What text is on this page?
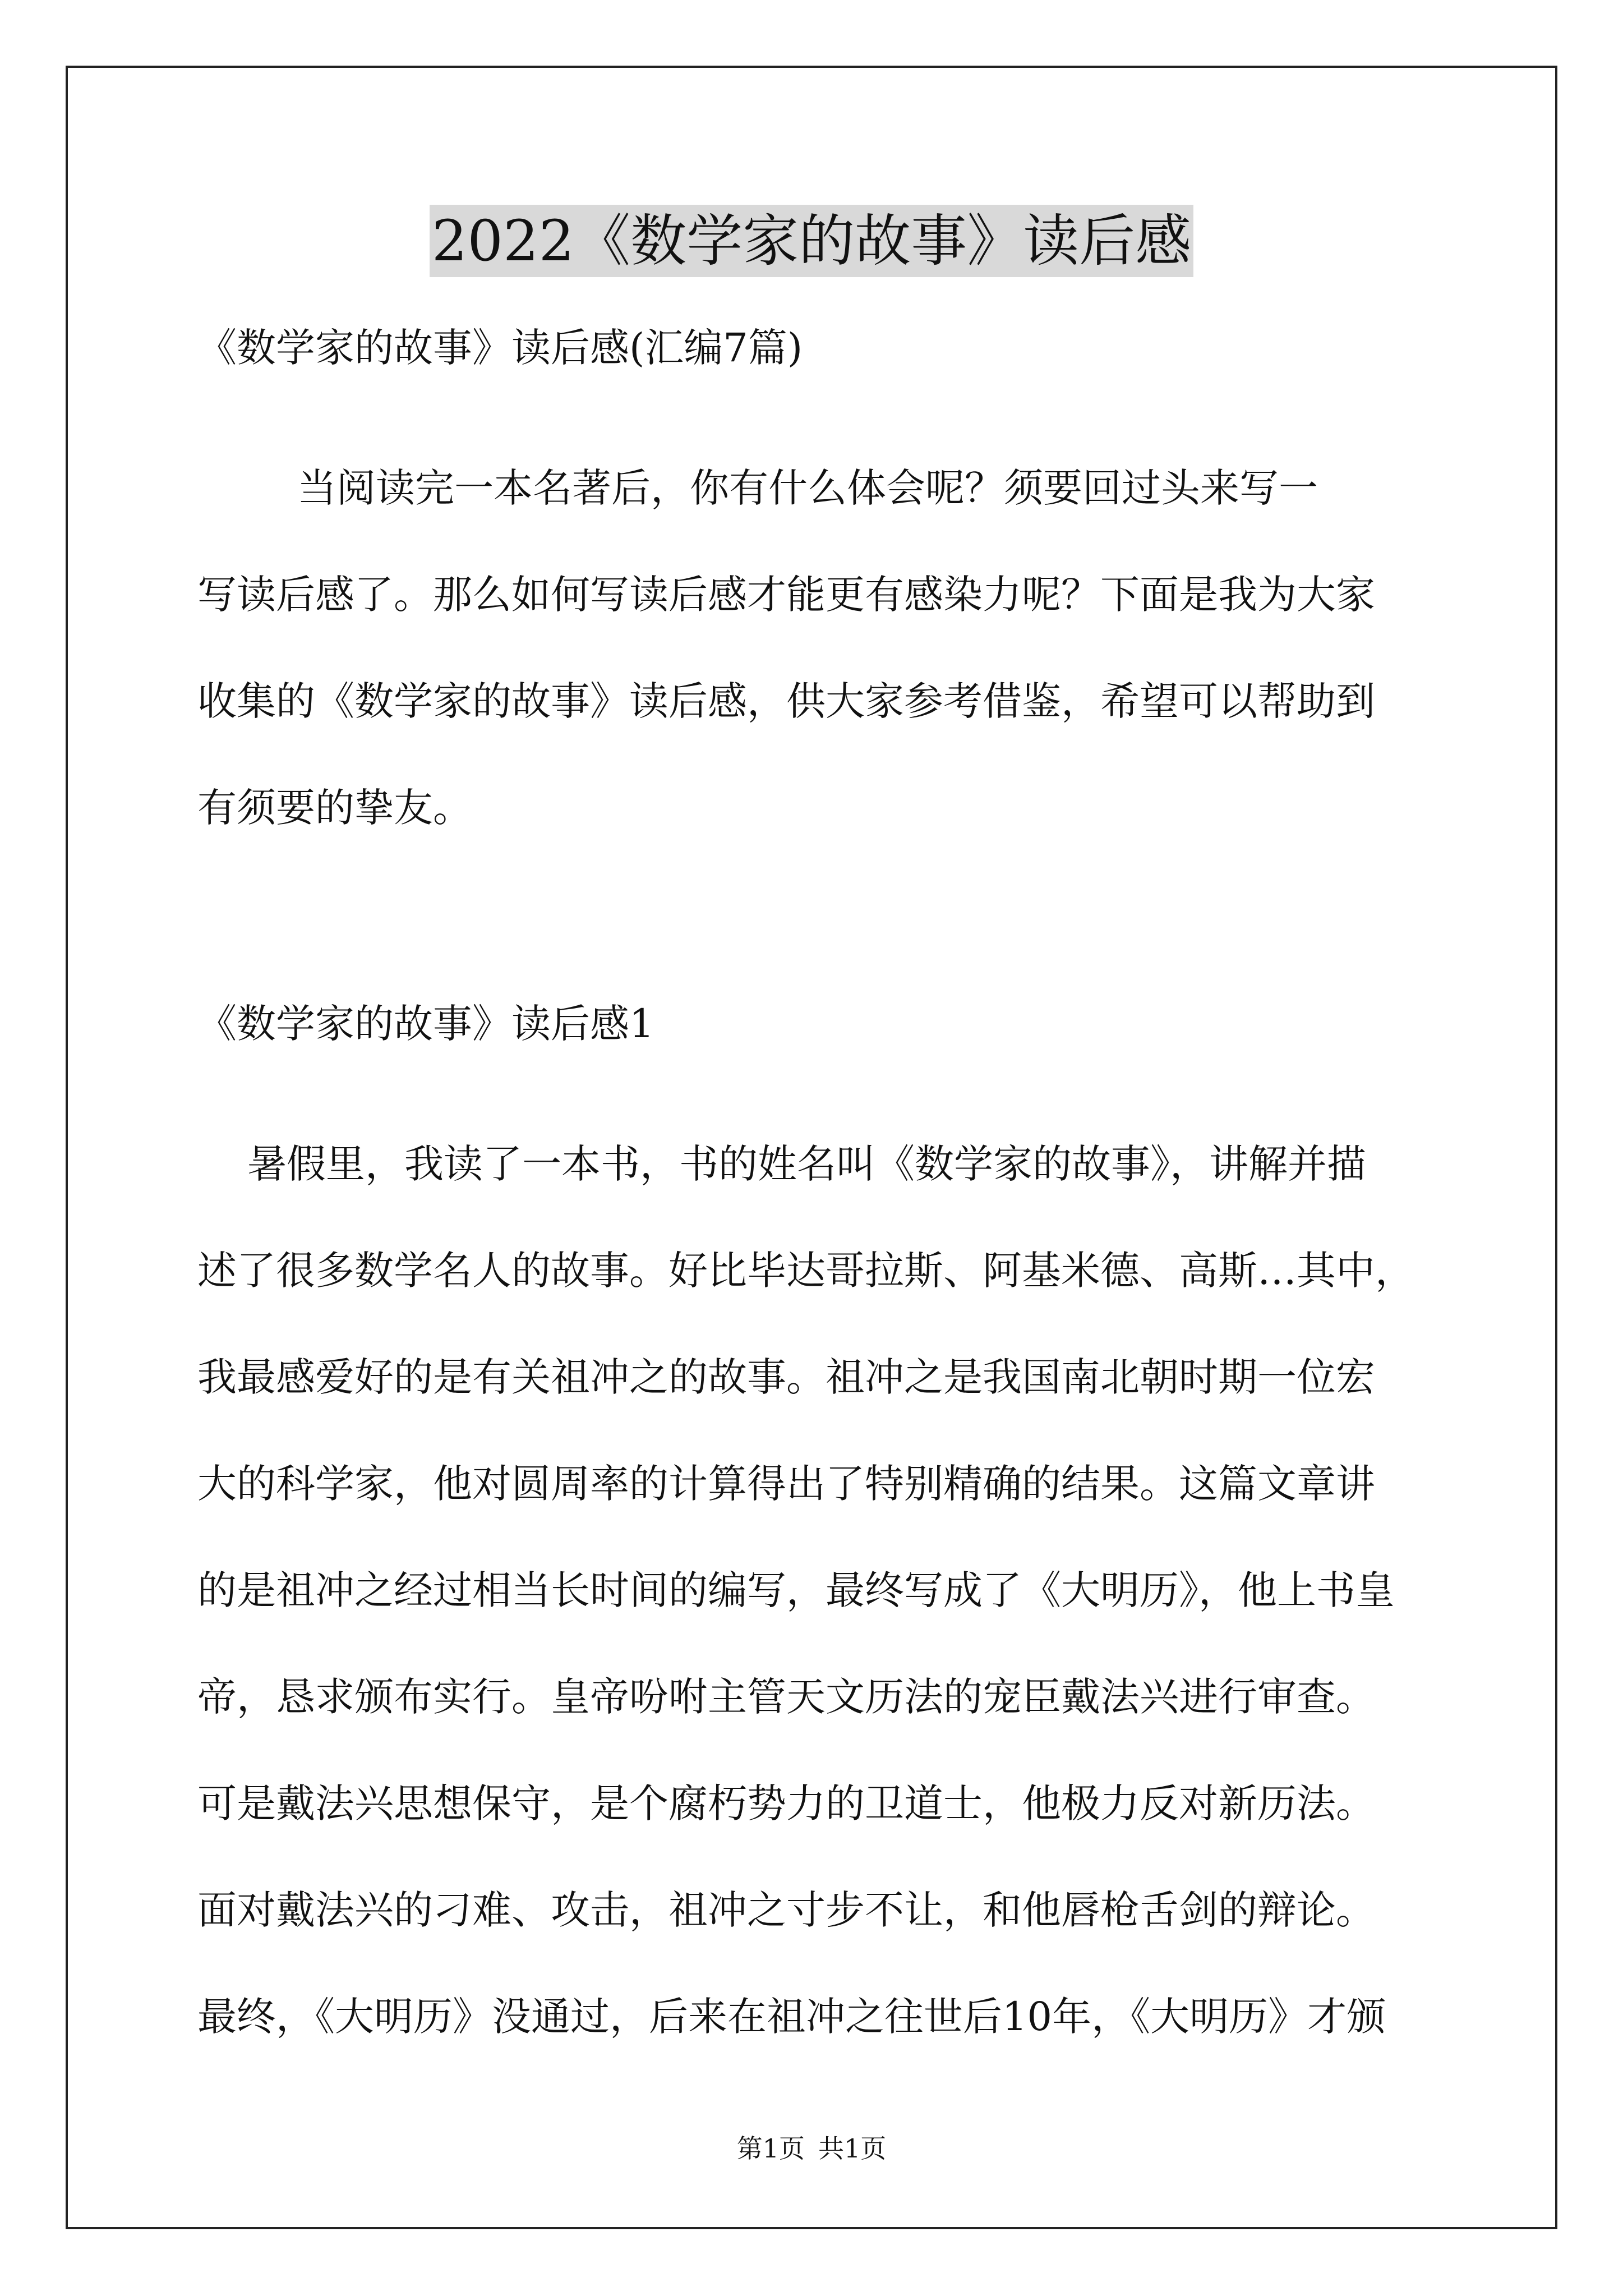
2022《数学家的故事》读后感

《数学家的故事》读后感(汇编7篇)

当阅读完一本名著后，你有什么体会呢？须要回过头来写一

写读后感了。那么如何写读后感才能更有感染力呢？下面是我为大家

收集的《数学家的故事》读后感，供大家参考借鉴，希望可以帮助到

有须要的挚友。

《数学家的故事》读后感1

暑假里，我读了一本书，书的姓名叫《数学家的故事》，讲解并描

述了很多数学名人的故事。好比毕达哥拉斯、阿基米德、高斯…其中，

我最感爱好的是有关祖冲之的故事。祖冲之是我国南北朝时期一位宏

大的科学家，他对圆周率的计算得出了特别精确的结果。这篇文章讲

的是祖冲之经过相当长时间的编写，最终写成了《大明历》，他上书皇

帝，恳求颁布实行。皇帝吩咐主管天文历法的宠臣戴法兴进行审查。

可是戴法兴思想保守，是个腐朽势力的卫道士，他极力反对新历法。

面对戴法兴的刁难、攻击，祖冲之寸步不让，和他唇枪舌剑的辩论。

最终，《大明历》没通过，后来在祖冲之往世后10年，《大明历》才颁

第1页 共1页
